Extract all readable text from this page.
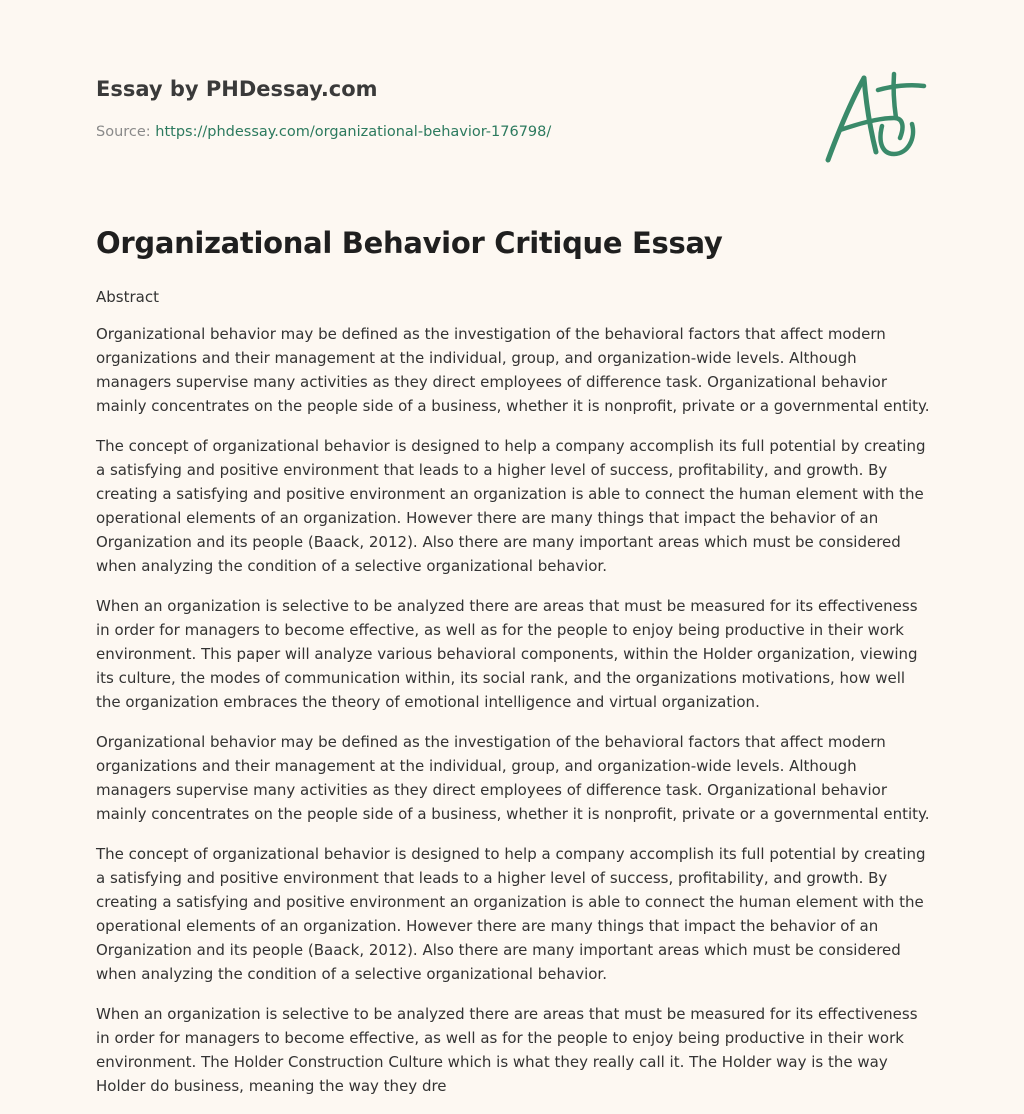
Essay by PHDessay.com
Source: https://phdessay.com/organizational-behavior-176798/
Organizational Behavior Critique Essay

Abstract

Organizational behavior may be defined as the investigation of the behavioral factors that affect modern organizations and their management at the individual, group, and organization-wide levels. Although managers supervise many activities as they direct employees of difference task. Organizational behavior mainly concentrates on the people side of a business, whether it is nonprofit, private or a governmental entity.

The concept of organizational behavior is designed to help a company accomplish its full potential by creating a satisfying and positive environment that leads to a higher level of success, profitability, and growth. By creating a satisfying and positive environment an organization is able to connect the human element with the operational elements of an organization. However there are many things that impact the behavior of an Organization and its people (Baack, 2012). Also there are many important areas which must be considered when analyzing the condition of a selective organizational behavior.

When an organization is selective to be analyzed there are areas that must be measured for its effectiveness in order for managers to become effective, as well as for the people to enjoy being productive in their work environment. This paper will analyze various behavioral components, within the Holder organization, viewing its culture, the modes of communication within, its social rank, and the organizations motivations, how well the organization embraces the theory of emotional intelligence and virtual organization.

Organizational behavior may be defined as the investigation of the behavioral factors that affect modern organizations and their management at the individual, group, and organization-wide levels. Although managers supervise many activities as they direct employees of difference task. Organizational behavior mainly concentrates on the people side of a business, whether it is nonprofit, private or a governmental entity.

The concept of organizational behavior is designed to help a company accomplish its full potential by creating a satisfying and positive environment that leads to a higher level of success, profitability, and growth. By creating a satisfying and positive environment an organization is able to connect the human element with the operational elements of an organization. However there are many things that impact the behavior of an Organization and its people (Baack, 2012). Also there are many important areas which must be considered when analyzing the condition of a selective organizational behavior.

When an organization is selective to be analyzed there are areas that must be measured for its effectiveness in order for managers to become effective, as well as for the people to enjoy being productive in their work environment. The Holder Construction Culture which is what they really call it. The Holder way is the way Holder do business, meaning the way they dre
